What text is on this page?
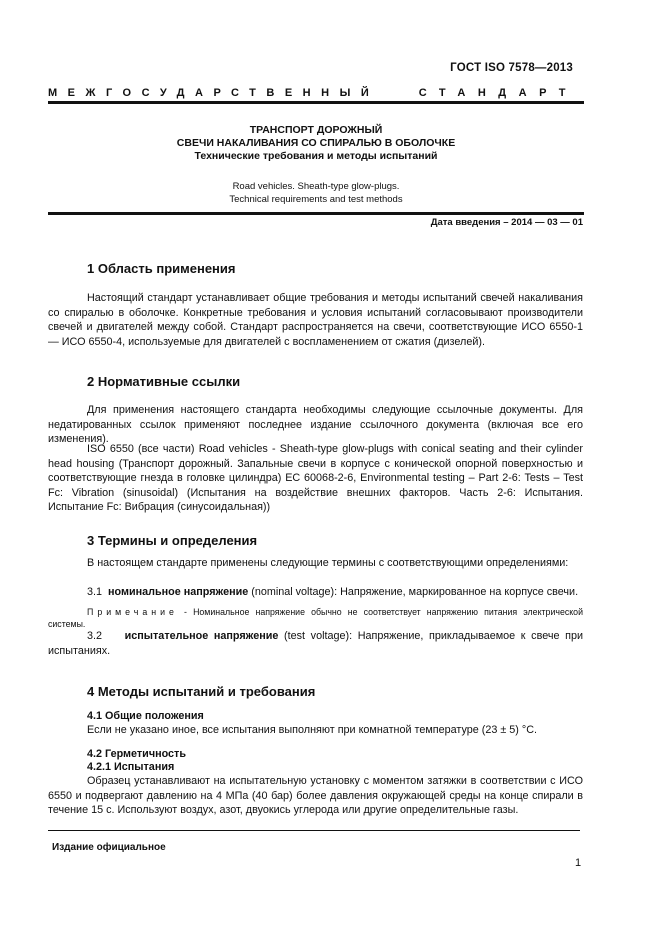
ГОСТ ISO 7578—2013
МЕЖГОСУДАРСТВЕННЫЙ	СТАНДАРТ
ТРАНСПОРТ ДОРОЖНЫЙ
СВЕЧИ НАКАЛИВАНИЯ СО СПИРАЛЬЮ В ОБОЛОЧКЕ
Технические требования и методы испытаний
Road vehicles. Sheath-type glow-plugs.
Technical requirements and test methods
Дата введения – 2014 — 03 — 01
1 Область применения

Настоящий стандарт устанавливает общие требования и методы испытаний свечей накаливания со спиралью в оболочке. Конкретные требования и условия испытаний согласовывают производители свечей и двигателей между собой. Стандарт распространяется на свечи, соответствующие ИСО 6550-1 — ИСО 6550-4, используемые для двигателей с воспламенением от сжатия (дизелей).

2 Нормативные ссылки

Для применения настоящего стандарта необходимы следующие ссылочные документы. Для недатированных ссылок применяют последнее издание ссылочного документа (включая все его изменения).

ISO 6550 (все части) Road vehicles - Sheath-type glow-plugs with conical seating and their cylinder head housing (Транспорт дорожный. Запальные свечи в корпусе с конической опорной поверхностью и соответствующие гнезда в головке цилиндра) EC 60068-2-6, Environmental testing – Part 2-6: Tests – Test Fc: Vibration (sinusoidal) (Испытания на воздействие внешних факторов. Часть 2-6: Испытания. Испытание Fc: Вибрация (синусоидальная))

3 Термины и определения

В настоящем стандарте применены следующие термины с соответствующими определениями:

3.1 номинальное напряжение (nominal voltage): Напряжение, маркированное на корпусе свечи.

Примечание - Номинальное напряжение обычно не соответствует напряжению питания электрической системы.

3.2 испытательное напряжение (test voltage): Напряжение, прикладываемое к свече при испытаниях.

4 Методы испытаний и требования
4.1 Общие положения

Если не указано иное, все испытания выполняют при комнатной температуре (23 ± 5) °С.

4.2 Герметичность
4.2.1 Испытания

Образец устанавливают на испытательную установку с моментом затяжки в соответствии с ИСО 6550 и подвергают давлению на 4 МПа (40 бар) более давления окружающей среды на конце спирали в течение 15 с. Используют воздух, азот, двуокись углерода или другие определительные газы.

Издание официальное
1
